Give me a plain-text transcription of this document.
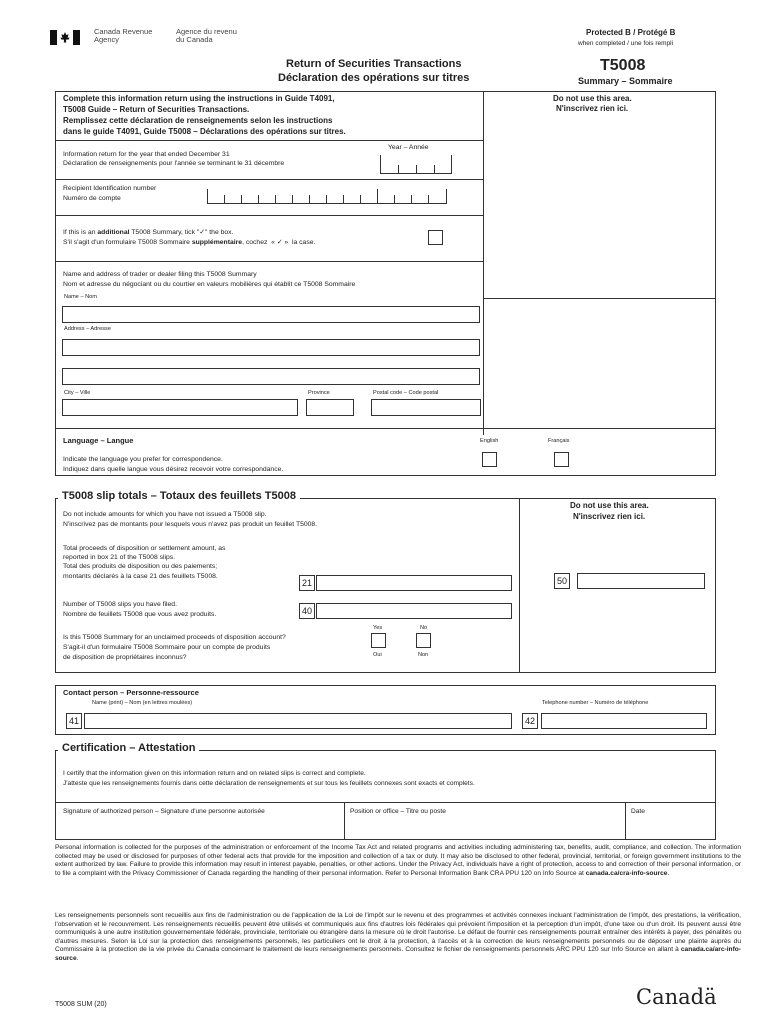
Canada Revenue
Agency
Agence du revenu
du Canada
Protected B / Protégé B
when completed / une fois rempli
Return of Securities Transactions
Déclaration des opérations sur titres
T5008
Summary – Sommaire
Complete this information return using the instructions in Guide T4091,
T5008 Guide – Return of Securities Transactions.
Remplissez cette déclaration de renseignements selon les instructions
dans le guide T4091, Guide T5008 – Déclarations des opérations sur titres.
Do not use this area.
N'inscrivez rien ici.
Information return for the year that ended December 31
Déclaration de renseignements pour l'année se terminant le 31 décembre
Year – Année
Recipient Identification number
Numéro de compte
If this is an additional T5008 Summary, tick "✓" the box.
S'il s'agit d'un formulaire T5008 Sommaire supplémentaire, cochez  « ✓ »  la case.
Name and address of trader or dealer filing this T5008 Summary
Nom et adresse du négociant ou du courtier en valeurs mobilières qui établit ce T5008 Sommaire
Name – Nom
Address – Adresse
City – Ville	Province	Postal code – Code postal
Language – Langue
Indicate the language you prefer for correspondence.
Indiquez dans quelle langue vous désirez recevoir votre correspondance.
English	Français
T5008 slip totals – Totaux des feuillets T5008
Do not use this area.
N'inscrivez rien ici.
Do not include amounts for which you have not issued a T5008 slip.
N'inscrivez pas de montants pour lesquels vous n'avez pas produit un feuillet T5008.
Total proceeds of disposition or settlement amount, as
reported in box 21 of the T5008 slips.
Total des produits de disposition ou des paiements;
montants déclarés à la case 21 des feuillets T5008.
21	50
Number of T5008 slips you have filed.
Nombre de feuillets T5008 que vous avez produits.	40
Is this T5008 Summary for an unclaimed proceeds of disposition account?
S'agit-il d'un formulaire T5008 Sommaire pour un compte de produits
de disposition de propriétaires inconnus?
Yes	No
Oui	Non
Contact person – Personne-ressource
Name (print) – Nom (en lettres moulées)	Telephone number – Numéro de téléphone
41	42
Certification – Attestation
I certify that the information given on this information return and on related slips is correct and complete.
J'atteste que les renseignements fournis dans cette déclaration de renseignements et sur tous les feuillets connexes sont exacts et complets.
Signature of authorized person – Signature d'une personne autorisée	Position or office – Titre ou poste	Date
Personal information is collected for the purposes of the administration or enforcement of the Income Tax Act and related programs and activities including administering tax, benefits, audit, compliance, and collection. The information collected may be used or disclosed for purposes of other federal acts that provide for the imposition and collection of a tax or duty. It may also be disclosed to other federal, provincial, territorial, or foreign government institutions to the extent authorized by law. Failure to provide this information may result in interest payable, penalties, or other actions. Under the Privacy Act, individuals have a right of protection, access to and correction of their personal information, or to file a complaint with the Privacy Commissioner of Canada regarding the handling of their personal information. Refer to Personal Information Bank CRA PPU 120 on Info Source at canada.ca/cra-info-source.
Les renseignements personnels sont recueillis aux fins de l'administration ou de l'application de la Loi de l'impôt sur le revenu et des programmes et activités connexes incluant l'administration de l'impôt, des prestations, la vérification, l'observation et le recouvrement. Les renseignements recueillis peuvent être utilisés et communiqués aux fins d'autres lois fédérales qui prévoient l'imposition et la perception d'un impôt, d'une taxe ou d'un droit. Ils peuvent aussi être communiqués à une autre institution gouvernementale fédérale, provinciale, territoriale ou étrangère dans la mesure où le droit l'autorise. Le défaut de fournir ces renseignements pourrait entraîner des intérêts à payer, des pénalités ou d'autres mesures. Selon la Loi sur la protection des renseignements personnels, les particuliers ont le droit à la protection, à l'accès et à la correction de leurs renseignements personnels ou de déposer une plainte auprès du Commissaire à la protection de la vie privée du Canada concernant le traitement de leurs renseignements personnels. Consultez le fichier de renseignements personnels ARC PPU 120 sur Info Source en allant à canada.ca/arc-info-source.
T5008 SUM (20)	Canadä
